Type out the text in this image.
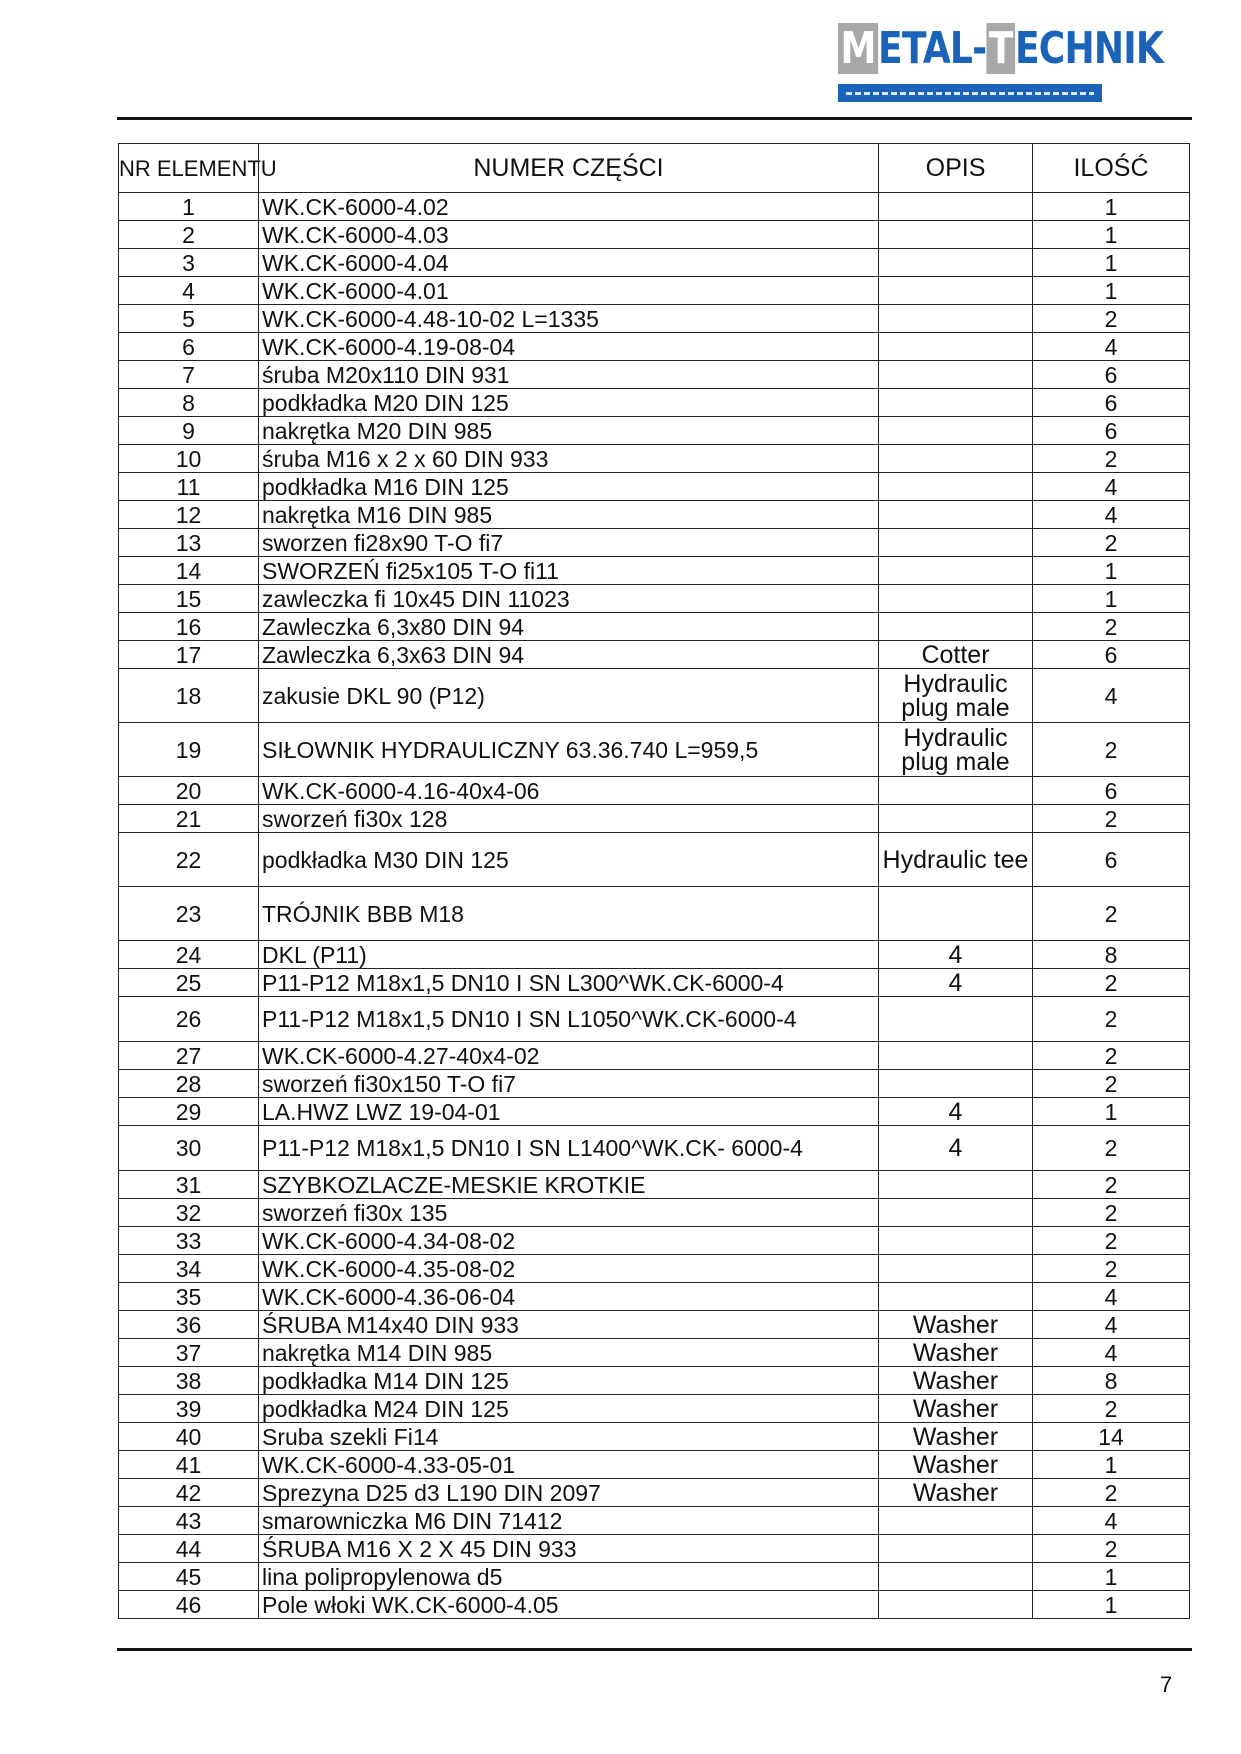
METAL-TECHNIK
NR ELEMENTU	NUMER CZĘŚCI	OPIS	ILOŚĆ
1	WK.CK-6000-4.02		1
2	WK.CK-6000-4.03		1
3	WK.CK-6000-4.04		1
4	WK.CK-6000-4.01		1
5	WK.CK-6000-4.48-10-02 L=1335		2
6	WK.CK-6000-4.19-08-04		4
7	śruba M20x110 DIN 931		6
8	podkładka M20 DIN 125		6
9	nakrętka M20 DIN 985		6
10	śruba M16 x 2 x 60 DIN 933		2
11	podkładka M16 DIN 125		4
12	nakrętka M16 DIN 985		4
13	sworzen fi28x90 T-O fi7		2
14	SWORZEŃ fi25x105 T-O fi11		1
15	zawleczka fi 10x45 DIN 11023		1
16	Zawleczka 6,3x80 DIN 94		2
17	Zawleczka 6,3x63 DIN 94	Cotter	6
18	zakusie DKL 90 (P12)	Hydraulic plug male	4
19	SIŁOWNIK HYDRAULICZNY 63.36.740 L=959,5	Hydraulic plug male	2
20	WK.CK-6000-4.16-40x4-06		6
21	sworzeń fi30x 128		2
22	podkładka M30 DIN 125	Hydraulic tee	6
23	TRÓJNIK BBB M18		2
24	DKL (P11)	4	8
25	P11-P12 M18x1,5 DN10 I SN L300^WK.CK-6000-4	4	2
26	P11-P12 M18x1,5 DN10 I SN L1050^WK.CK-6000-4		2
27	WK.CK-6000-4.27-40x4-02		2
28	sworzeń fi30x150 T-O fi7		2
29	LA.HWZ LWZ 19-04-01	4	1
30	P11-P12 M18x1,5 DN10 I SN L1400^WK.CK- 6000-4	4	2
31	SZYBKOZLACZE-MESKIE KROTKIE		2
32	sworzeń fi30x 135		2
33	WK.CK-6000-4.34-08-02		2
34	WK.CK-6000-4.35-08-02		2
35	WK.CK-6000-4.36-06-04		4
36	ŚRUBA M14x40 DIN 933	Washer	4
37	nakrętka M14 DIN 985	Washer	4
38	podkładka M14 DIN 125	Washer	8
39	podkładka M24 DIN 125	Washer	2
40	Sruba szekli Fi14	Washer	14
41	WK.CK-6000-4.33-05-01	Washer	1
42	Sprezyna D25 d3 L190 DIN 2097	Washer	2
43	smarowniczka M6 DIN 71412		4
44	ŚRUBA M16 X 2 X 45 DIN 933		2
45	lina polipropylenowa d5		1
46	Pole włoki WK.CK-6000-4.05		1
7
